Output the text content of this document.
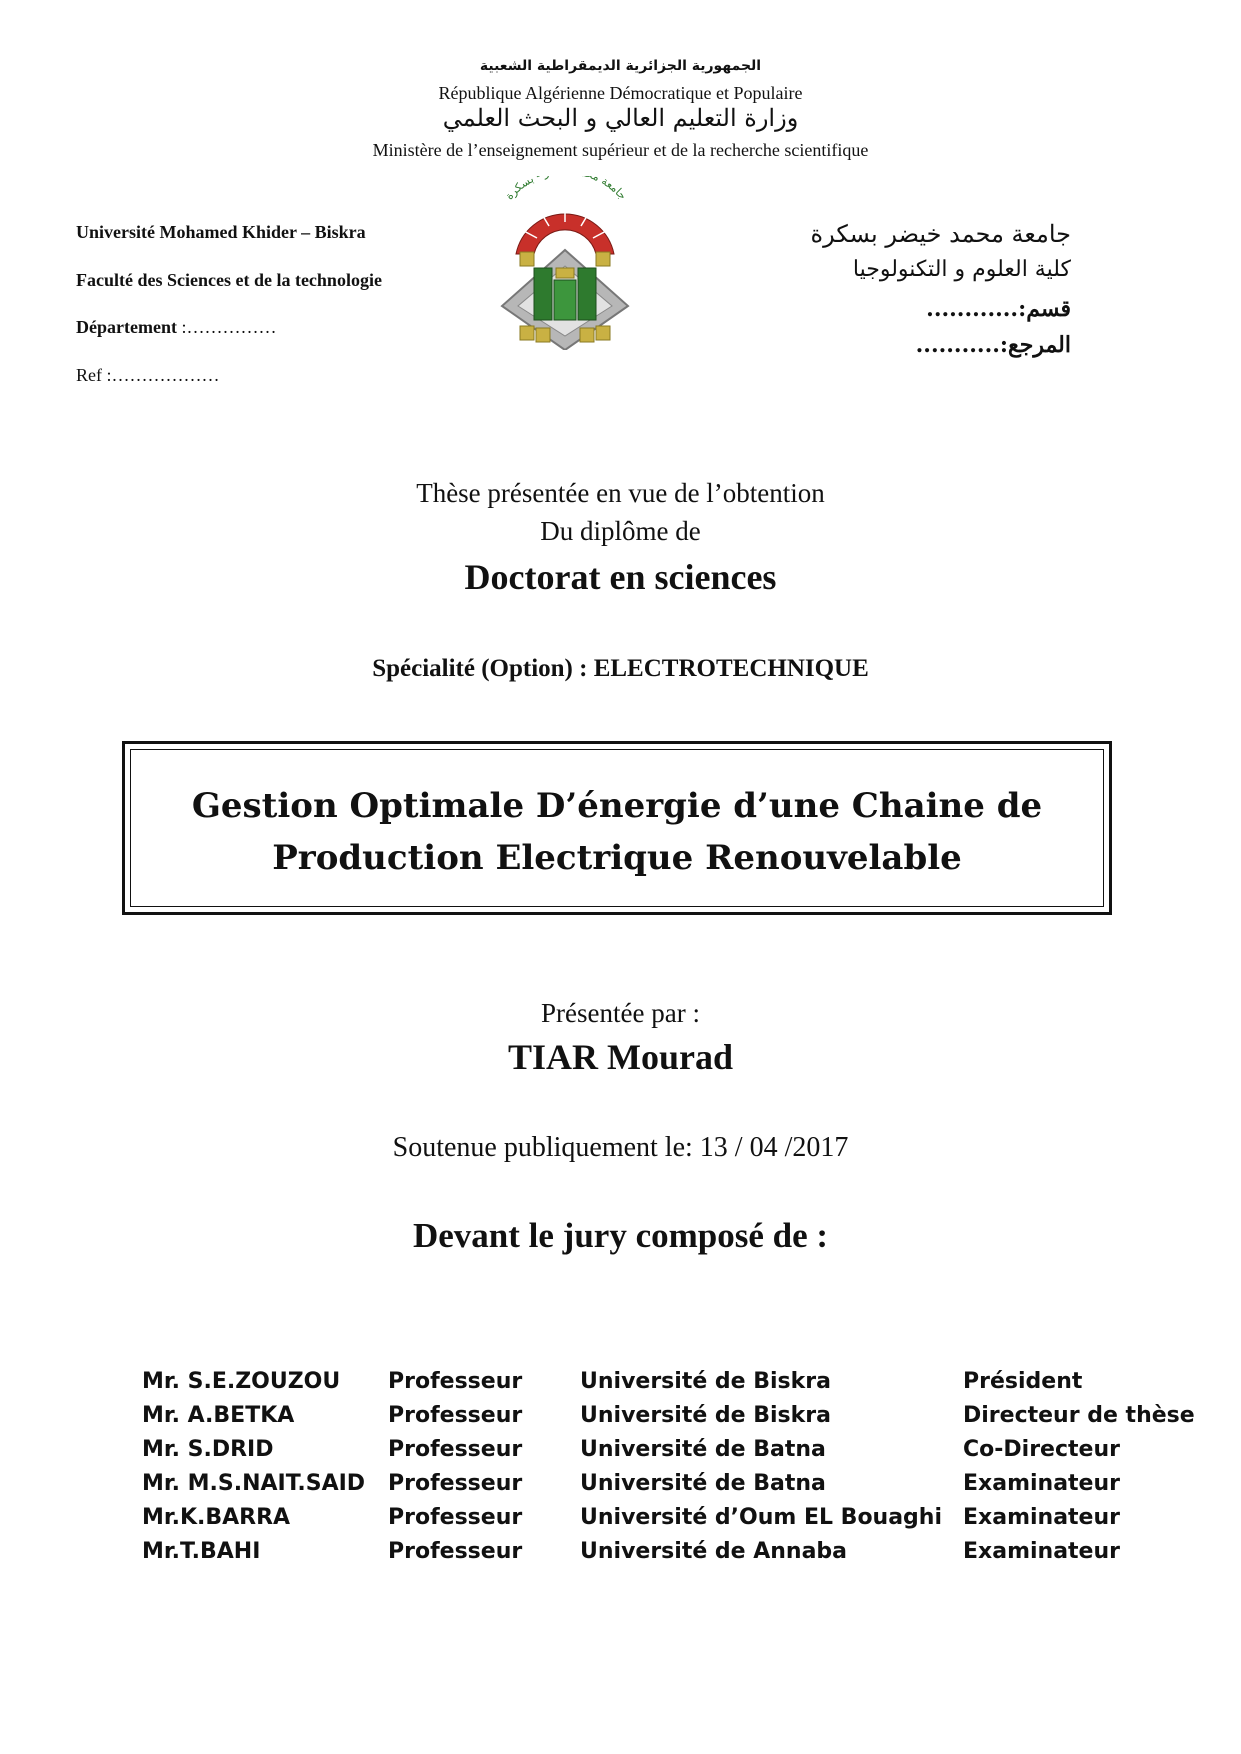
الجمهورية الجزائرية الديمقراطية الشعبية
République Algérienne Démocratique et Populaire
وزارة التعليم العالي و البحث العلمي
Ministère de l’enseignement supérieur et de la recherche scientifique
Université Mohamed Khider – Biskra
Faculté des Sciences et de la technologie
Département :……………
Ref :………………
جامعة م بسكرة
جامعة محمد خيضر بسكرة
كلية العلوم و التكنولوجيا
قسم:............
المرجع:...........
Thèse présentée en vue de l’obtention
Du diplôme de
Doctorat en sciences
Spécialité (Option) : ELECTROTECHNIQUE
Gestion Optimale D’énergie d’une Chaine de
Production Electrique Renouvelable
Présentée par :
TIAR Mourad
Soutenue publiquement le: 13 / 04 /2017
Devant le jury composé de :
Mr. S.E.ZOUZOU Professeur	Université de Biskra	Président
Mr. A.BETKA	Professeur	Université de Biskra	Directeur de thèse
Mr. S.DRID	Professeur	Université de Batna	Co-Directeur
Mr. M.S.NAIT.SAID Professeur	Université de Batna	Examinateur
Mr.K.BARRA	Professeur	Université d’Oum EL Bouaghi Examinateur
Mr.T.BAHI	Professeur	Université de Annaba	Examinateur
